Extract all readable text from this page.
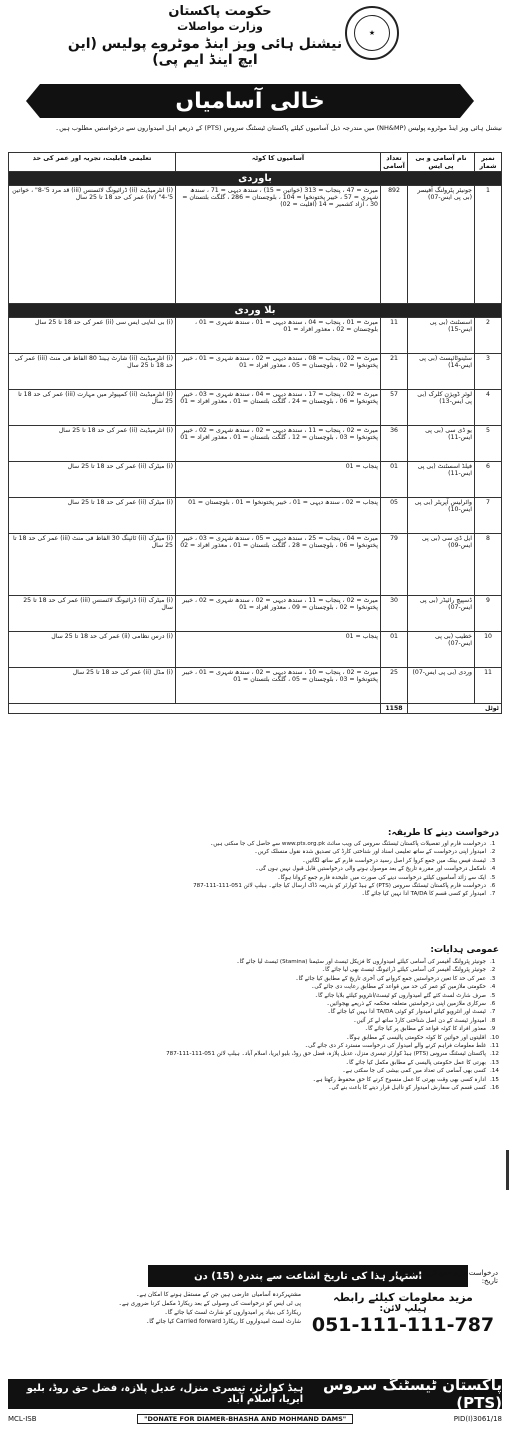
حکومت پاکستان
وزارت مواصلات
نیشنل ہائی ویز اینڈ موٹروے پولیس (این ایچ اینڈ ایم پی)
★
خالی آسامیاں
نیشنل ہائی ویز اینڈ موٹروے پولیس (NH&MP) میں مندرجہ ذیل آسامیوں کیلئے پاکستان ٹیسٹنگ سروس (PTS) کے ذریعے اہل امیدواروں سے درخواستیں مطلوب ہیں۔
نمبر شمار	نام آسامی و بی پی ایس	تعداد آسامی	آسامیوں کا کوٹہ	تعلیمی قابلیت، تجربہ اور عمر کی حد
باوردی				
1	جونیئر پٹرولنگ آفیسر (بی پی ایس-07)	892	میرٹ = 47 ، پنجاب = 313 (خواتین = 15) ، سندھ دیہی = 71 ، سندھ شہری = 57 ، خیبر پختونخوا = 104 ، بلوچستان = 286 ، گلگت بلتستان = 30 ، آزاد کشمیر = 14 (اقلیت = 02)	(i) انٹرمیڈیٹ (ii) ڈرائیونگ لائسنس (iii) قد مرد 5'-8" ، خواتین 5'-4" (iv) عمر کی حد 18 تا 25 سال
بلا وردی				
2	اسسٹنٹ (بی پی ایس-15)	11	میرٹ = 01 ، پنجاب = 04 ، سندھ دیہی = 01 ، سندھ شہری = 01 ، بلوچستان = 02 ، معذور افراد = 01	(i) بی اے/بی ایس سی (ii) عمر کی حد 18 تا 25 سال
3	سٹینوٹائپسٹ (بی پی ایس-14)	21	میرٹ = 02 ، پنجاب = 08 ، سندھ دیہی = 02 ، سندھ شہری = 01 ، خیبر پختونخوا = 02 ، بلوچستان = 05 ، معذور افراد = 01	(i) انٹرمیڈیٹ (ii) شارٹ ہینڈ 80 الفاظ فی منٹ (iii) عمر کی حد 18 تا 25 سال
4	لوئر ڈویژن کلرک (بی پی ایس-13)	57	میرٹ = 02 ، پنجاب = 17 ، سندھ دیہی = 04 ، سندھ شہری = 03 ، خیبر پختونخوا = 06 ، بلوچستان = 24 ، گلگت بلتستان = 01 ، معذور افراد = 01	(i) انٹرمیڈیٹ (ii) کمپیوٹر میں مہارت (iii) عمر کی حد 18 تا 25 سال
5	یو ڈی سی (بی پی ایس-11)	36	میرٹ = 02 ، پنجاب = 11 ، سندھ دیہی = 02 ، سندھ شہری = 02 ، خیبر پختونخوا = 03 ، بلوچستان = 12 ، گلگت بلتستان = 01 ، معذور افراد = 01	(i) انٹرمیڈیٹ (ii) عمر کی حد 18 تا 25 سال
6	فیلڈ اسسٹنٹ (بی پی ایس-11)	01	پنجاب = 01	(i) میٹرک (ii) عمر کی حد 18 تا 25 سال
7	وائرلیس آپریٹر (بی پی ایس-10)	05	پنجاب = 02 ، سندھ دیہی = 01 ، خیبر پختونخوا = 01 ، بلوچستان = 01	(i) میٹرک (ii) عمر کی حد 18 تا 25 سال
8	ایل ڈی سی (بی پی ایس-09)	79	میرٹ = 04 ، پنجاب = 25 ، سندھ دیہی = 05 ، سندھ شہری = 03 ، خیبر پختونخوا = 06 ، بلوچستان = 28 ، گلگت بلتستان = 01 ، معذور افراد = 02	(i) میٹرک (ii) ٹائپنگ 30 الفاظ فی منٹ (iii) عمر کی حد 18 تا 25 سال
9	ڈسپیچ رائیڈر (بی پی ایس-07)	30	میرٹ = 02 ، پنجاب = 11 ، سندھ دیہی = 02 ، سندھ شہری = 02 ، خیبر پختونخوا = 02 ، بلوچستان = 09 ، معذور افراد = 01	(i) میٹرک (ii) ڈرائیونگ لائسنس (iii) عمر کی حد 18 تا 25 سال
10	خطیب (بی پی ایس-07)	01	پنجاب = 01	(i) درس نظامی (ii) عمر کی حد 18 تا 25 سال
11	وردی (بی پی ایس-07)	25	میرٹ = 02 ، پنجاب = 10 ، سندھ دیہی = 02 ، سندھ شہری = 01 ، خیبر پختونخوا = 03 ، بلوچستان = 05 ، گلگت بلتستان = 01	(i) مڈل (ii) عمر کی حد 18 تا 25 سال
ٹوٹل		1158		
درخواست دینے کا طریقہ:
1.
درخواست فارم اور تفصیلات پاکستان ٹیسٹنگ سروس کی ویب سائٹ www.pts.org.pk سے حاصل کی جا سکتی ہیں۔
2.
امیدوار اپنی درخواست کے ساتھ تعلیمی اسناد اور شناختی کارڈ کی تصدیق شدہ نقول منسلک کریں۔
3.
ٹیسٹ فیس بینک میں جمع کروا کر اصل رسید درخواست فارم کے ساتھ لگائیں۔
4.
نامکمل درخواست اور مقررہ تاریخ کے بعد موصول ہونے والی درخواستیں قابل قبول نہیں ہوں گی۔
5.
ایک سے زائد آسامیوں کیلئے درخواست دینے کی صورت میں علیحدہ فارم جمع کروانا ہوگا۔
6.
درخواست فارم پاکستان ٹیسٹنگ سروس (PTS) کے ہیڈ کوارٹر کو بذریعہ ڈاک ارسال کیا جائے۔ ہیلپ لائن 051-111-111-787
7.
امیدوار کو کسی قسم کا TA/DA ادا نہیں کیا جائے گا۔
عمومی ہدایات:
1.
جونیئر پٹرولنگ آفیسر کی آسامی کیلئے امیدواروں کا فزیکل ٹیسٹ اور سٹیمنا (Stamina) ٹیسٹ لیا جائے گا۔
2.
جونیئر پٹرولنگ آفیسر کی آسامی کیلئے ڈرائیونگ ٹیسٹ بھی لیا جائے گا۔
3.
عمر کی حد کا تعین درخواستیں جمع کروانے کی آخری تاریخ کے مطابق کیا جائے گا۔
4.
حکومتی ملازمین کو عمر کی حد میں قواعد کے مطابق رعایت دی جائے گی۔
5.
صرف شارٹ لسٹ کئے گئے امیدواروں کو ٹیسٹ/انٹرویو کیلئے بلایا جائے گا۔
6.
سرکاری ملازمین اپنی درخواستیں متعلقہ محکمہ کے ذریعے بھجوائیں۔
7.
ٹیسٹ اور انٹرویو کیلئے امیدوار کو کوئی TA/DA ادا نہیں کیا جائے گا۔
8.
امیدوار ٹیسٹ کے دن اصل شناختی کارڈ ساتھ لے کر آئیں۔
9.
معذور افراد کا کوٹہ قواعد کے مطابق پر کیا جائے گا۔
10.
اقلیتوں اور خواتین کا کوٹہ حکومتی پالیسی کے مطابق ہوگا۔
11.
غلط معلومات فراہم کرنے والے امیدوار کی درخواست مسترد کر دی جائے گی۔
12.
پاکستان ٹیسٹنگ سروس (PTS) ہیڈ کوارٹر تیسری منزل، عدیل پلازہ، فضل حق روڈ، بلیو ایریا، اسلام آباد۔ ہیلپ لائن 051-111-111-787
13.
بھرتی کا عمل حکومتی پالیسی کے مطابق مکمل کیا جائے گا۔
14.
کسی بھی آسامی کی تعداد میں کمی بیشی کی جا سکتی ہے۔
15.
ادارہ کسی بھی وقت بھرتی کا عمل منسوخ کرنے کا حق محفوظ رکھتا ہے۔
16.
کسی قسم کی سفارش امیدوار کو نااہل قرار دینے کا باعث بنے گی۔
اشتہار ہذا کی تاریخ اشاعت سے پندرہ (15) دن
درخواست فارم جمع کروانے کی آخری تاریخ:
مزید معلومات کیلئے رابطہ
ہیلپ لائن:
051-111-111-787
مشتہرکردہ آسامیاں عارضی ہیں جن کے مستقل ہونے کا امکان ہے۔
پی ٹی ایس کو درخواست کی وصولی کے بعد ریکارڈ مکمل کرنا ضروری ہے۔
ریکارڈ کی بنیاد پر امیدواروں کو شارٹ لسٹ کیا جائے گا۔
شارٹ لسٹ امیدواروں کا ریکارڈ Carried forward کیا جائے گا۔
ہیڈ کوارٹر، تیسری منزل، عدیل پلازہ، فضل حق روڈ، بلیو ایریا، اسلام آباد
پاکستان ٹیسٹنگ سروس (PTS)
MCL-ISB	"DONATE FOR DIAMER-BHASHA AND MOHMAND DAMS"	PID(I)3061/18
